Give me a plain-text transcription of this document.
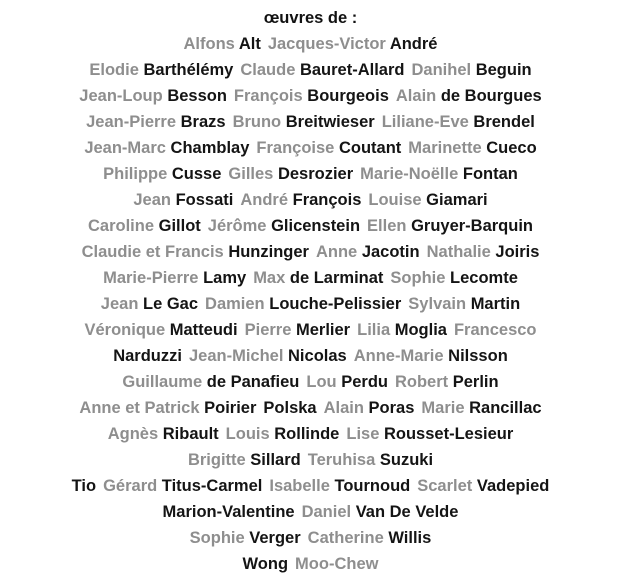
œuvres de :
Alfons Alt Jacques-Victor André
Elodie Barthélémy Claude Bauret-Allard Danihel Beguin
Jean-Loup Besson François Bourgeois Alain de Bourgues
Jean-Pierre Brazs Bruno Breitwieser Liliane-Eve Brendel
Jean-Marc Chamblay Françoise Coutant Marinette Cueco
Philippe Cusse Gilles Desrozier Marie-Noëlle Fontan
Jean Fossati André François Louise Giamari
Caroline Gillot Jérôme Glicenstein Ellen Gruyer-Barquin
Claudie et Francis Hunzinger Anne Jacotin Nathalie Joiris
Marie-Pierre Lamy Max de Larminat Sophie Lecomte
Jean Le Gac Damien Louche-Pelissier Sylvain Martin
Véronique Matteudi Pierre Merlier Lilia Moglia Francesco
Narduzzi Jean-Michel Nicolas Anne-Marie Nilsson
Guillaume de Panafieu Lou Perdu Robert Perlin
Anne et Patrick Poirier Polska Alain Poras Marie Rancillac
Agnès Ribault Louis Rollinde Lise Rousset-Lesieur
Brigitte Sillard Teruhisa Suzuki
Tio Gérard Titus-Carmel Isabelle Tournoud Scarlet Vadepied
Marion-Valentine Daniel Van De Velde
Sophie Verger Catherine Willis
Wong Moo-Chew
